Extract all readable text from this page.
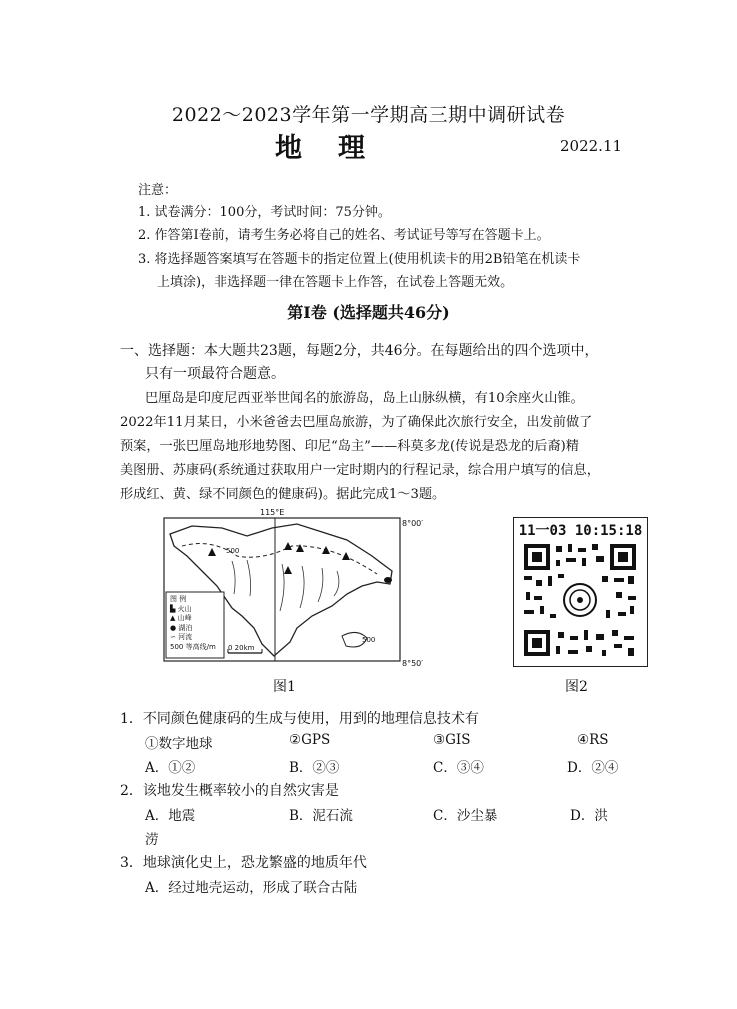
2022～2023学年第一学期高三期中调研试卷
地理	2022.11
注意：
1. 试卷满分：100分，考试时间：75分钟。
2. 作答第Ⅰ卷前，请考生务必将自己的姓名、考试证号等写在答题卡上。
3. 将选择题答案填写在答题卡的指定位置上(使用机读卡的用2B铅笔在机读卡
上填涂)，非选择题一律在答题卡上作答，在试卷上答题无效。
第Ⅰ卷 (选择题共46分)
一、选择题：本大题共23题，每题2分，共46分。在每题给出的四个选项中，
只有一项最符合题意。
巴厘岛是印度尼西亚举世闻名的旅游岛，岛上山脉纵横，有10余座火山锥。
2022年11月某日，小米爸爸去巴厘岛旅游，为了确保此次旅行安全，出发前做了
预案，一张巴厘岛地形地势图、印尼“岛主”——科莫多龙(传说是恐龙的后裔)精
美图册、苏康码(系统通过获取用户一定时期内的行程记录，综合用户填写的信息，
形成红、黄、绿不同颜色的健康码)。据此完成1～3题。
115°E
8°00′
8°50′
500
500
0 20km
图 例
▙ 火山
▲ 山峰
● 湖泊
∽ 河流
500 等高线/m
11一03 10:15:18
图1	图2
1．不同颜色健康码的生成与使用，用到的地理信息技术有
①数字地球	②GPS	③GIS	④RS
A．①②	B．②③	C．③④	D．②④
2．该地发生概率较小的自然灾害是
A．地震	B．泥石流	C．沙尘暴	D．洪
涝
3．地球演化史上，恐龙繁盛的地质年代
A．经过地壳运动，形成了联合古陆
